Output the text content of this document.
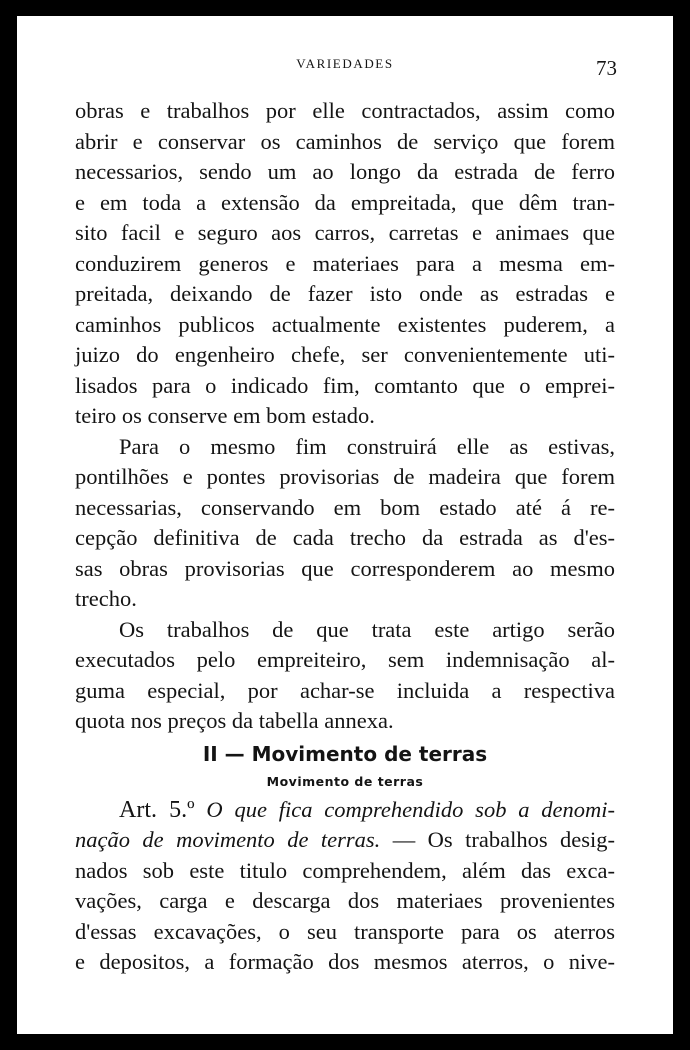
VARIEDADES	73

obras e trabalhos por elle contractados, assim como
abrir e conservar os caminhos de serviço que forem
necessarios, sendo um ao longo da estrada de ferro
e em toda a extensão da empreitada, que dêm tran-
sito facil e seguro aos carros, carretas e animaes que
conduzirem generos e materiaes para a mesma em-
preitada, deixando de fazer isto onde as estradas e
caminhos publicos actualmente existentes puderem, a
juizo do engenheiro chefe, ser convenientemente uti-
lisados para o indicado fim, comtanto que o emprei-
teiro os conserve em bom estado.

Para o mesmo fim construirá elle as estivas,
pontilhões e pontes provisorias de madeira que forem
necessarias, conservando em bom estado até á re-
cepção definitiva de cada trecho da estrada as d'es-
sas obras provisorias que corresponderem ao mesmo
trecho.

Os trabalhos de que trata este artigo serão
executados pelo empreiteiro, sem indemnisação al-
guma especial, por achar-se incluida a respectiva
quota nos preços da tabella annexa.

II — Movimento de terras
Movimento de terras

Art. 5.º O que fica comprehendido sob a denomi-
nação de movimento de terras. — Os trabalhos desig-
nados sob este titulo comprehendem, além das exca-
vações, carga e descarga dos materiaes provenientes
d'essas excavações, o seu transporte para os aterros
e depositos, a formação dos mesmos aterros, o nive-
